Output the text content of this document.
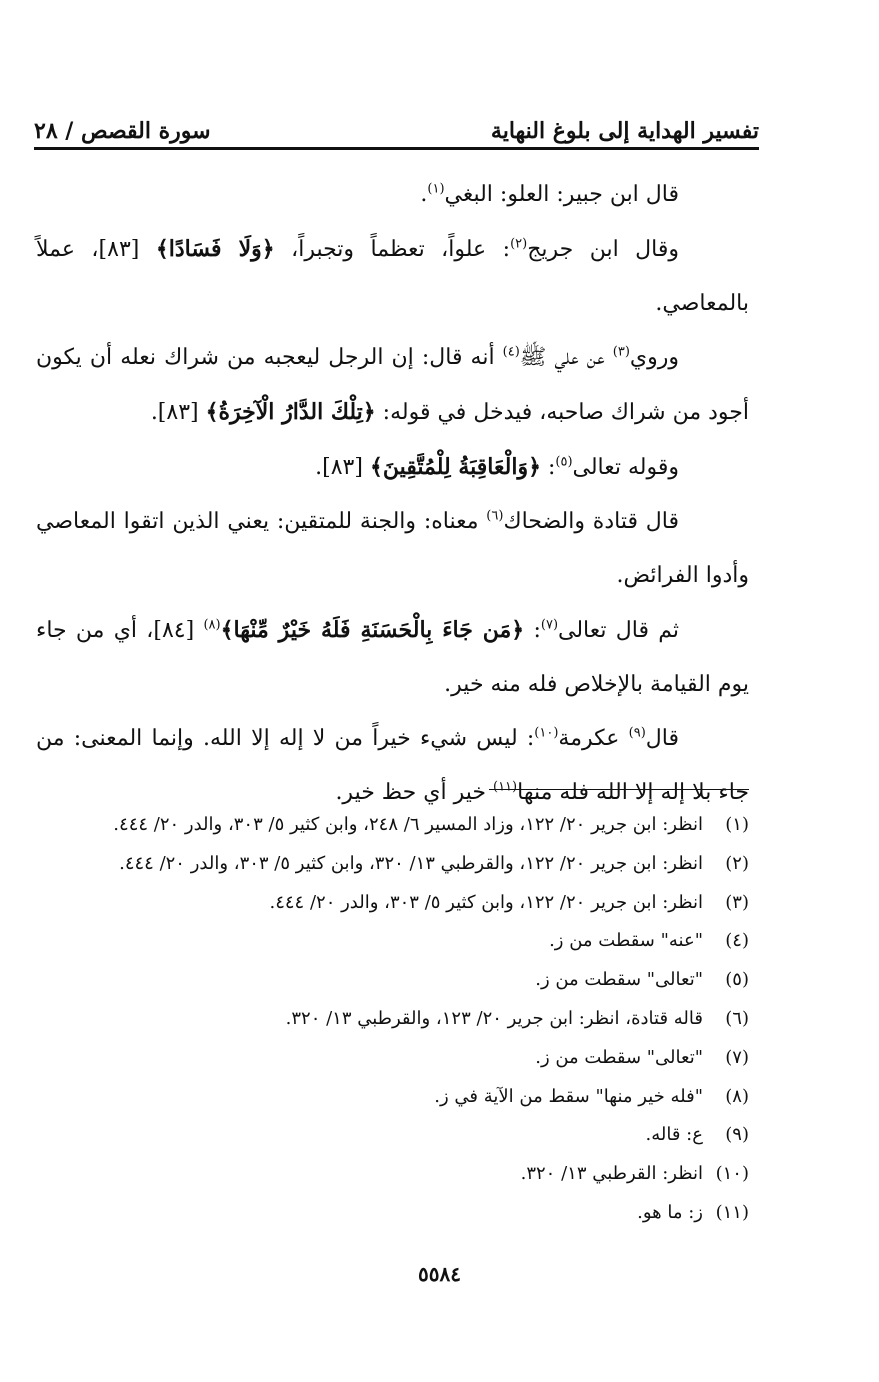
تفسير الهداية إلى بلوغ النهاية
سورة القصص / ٢٨

قال ابن جبير: العلو: البغي$^{(١)}$.

وقال ابن جريج$^{(٢)}$: علواً، تعظماً وتجبراً، ﴿وَلَا فَسَادًا﴾ [٨٣]، عملاً بالمعاصي.

وروي$^{(٣)}$ عن علي ﷺ$^{(٤)}$ أنه قال: إن الرجل ليعجبه من شراك نعله أن يكون أجود من شراك صاحبه، فيدخل في قوله: ﴿تِلْكَ الدَّارُ الْآخِرَةُ﴾ [٨٣].

وقوله تعالى$^{(٥)}$: ﴿وَالْعَاقِبَةُ لِلْمُتَّقِينَ﴾ [٨٣].

قال قتادة والضحاك$^{(٦)}$ معناه: والجنة للمتقين: يعني الذين اتقوا المعاصي وأدوا الفرائض.

ثم قال تعالى$^{(٧)}$: ﴿مَن جَاءَ بِالْحَسَنَةِ فَلَهُ خَيْرٌ مِّنْهَا﴾$^{(٨)}$ [٨٤]، أي من جاء يوم القيامة بالإخلاص فله منه خير.

قال$^{(٩)}$ عكرمة$^{(١٠)}$: ليس شيء خيراً من لا إله إلا الله. وإنما المعنى: من جاء بلا إله إلا الله فله منها$^{(١١)}$ خير أي حظ خير.

(١)
انظر: ابن جرير ٢٠/ ١٢٢، وزاد المسير ٦/ ٢٤٨، وابن كثير ٥/ ٣٠٣، والدر ٢٠/ ٤٤٤.
(٢)
انظر: ابن جرير ٢٠/ ١٢٢، والقرطبي ١٣/ ٣٢٠، وابن كثير ٥/ ٣٠٣، والدر ٢٠/ ٤٤٤.
(٣)
انظر: ابن جرير ٢٠/ ١٢٢، وابن كثير ٥/ ٣٠٣، والدر ٢٠/ ٤٤٤.
(٤)
"عنه" سقطت من ز.
(٥)
"تعالى" سقطت من ز.
(٦)
قاله قتادة، انظر: ابن جرير ٢٠/ ١٢٣، والقرطبي ١٣/ ٣٢٠.
(٧)
"تعالى" سقطت من ز.
(٨)
"فله خير منها" سقط من الآية في ز.
(٩)
ع: قاله.
(١٠)
انظر: القرطبي ١٣/ ٣٢٠.
(١١)
ز: ما هو.
٥٥٨٤
